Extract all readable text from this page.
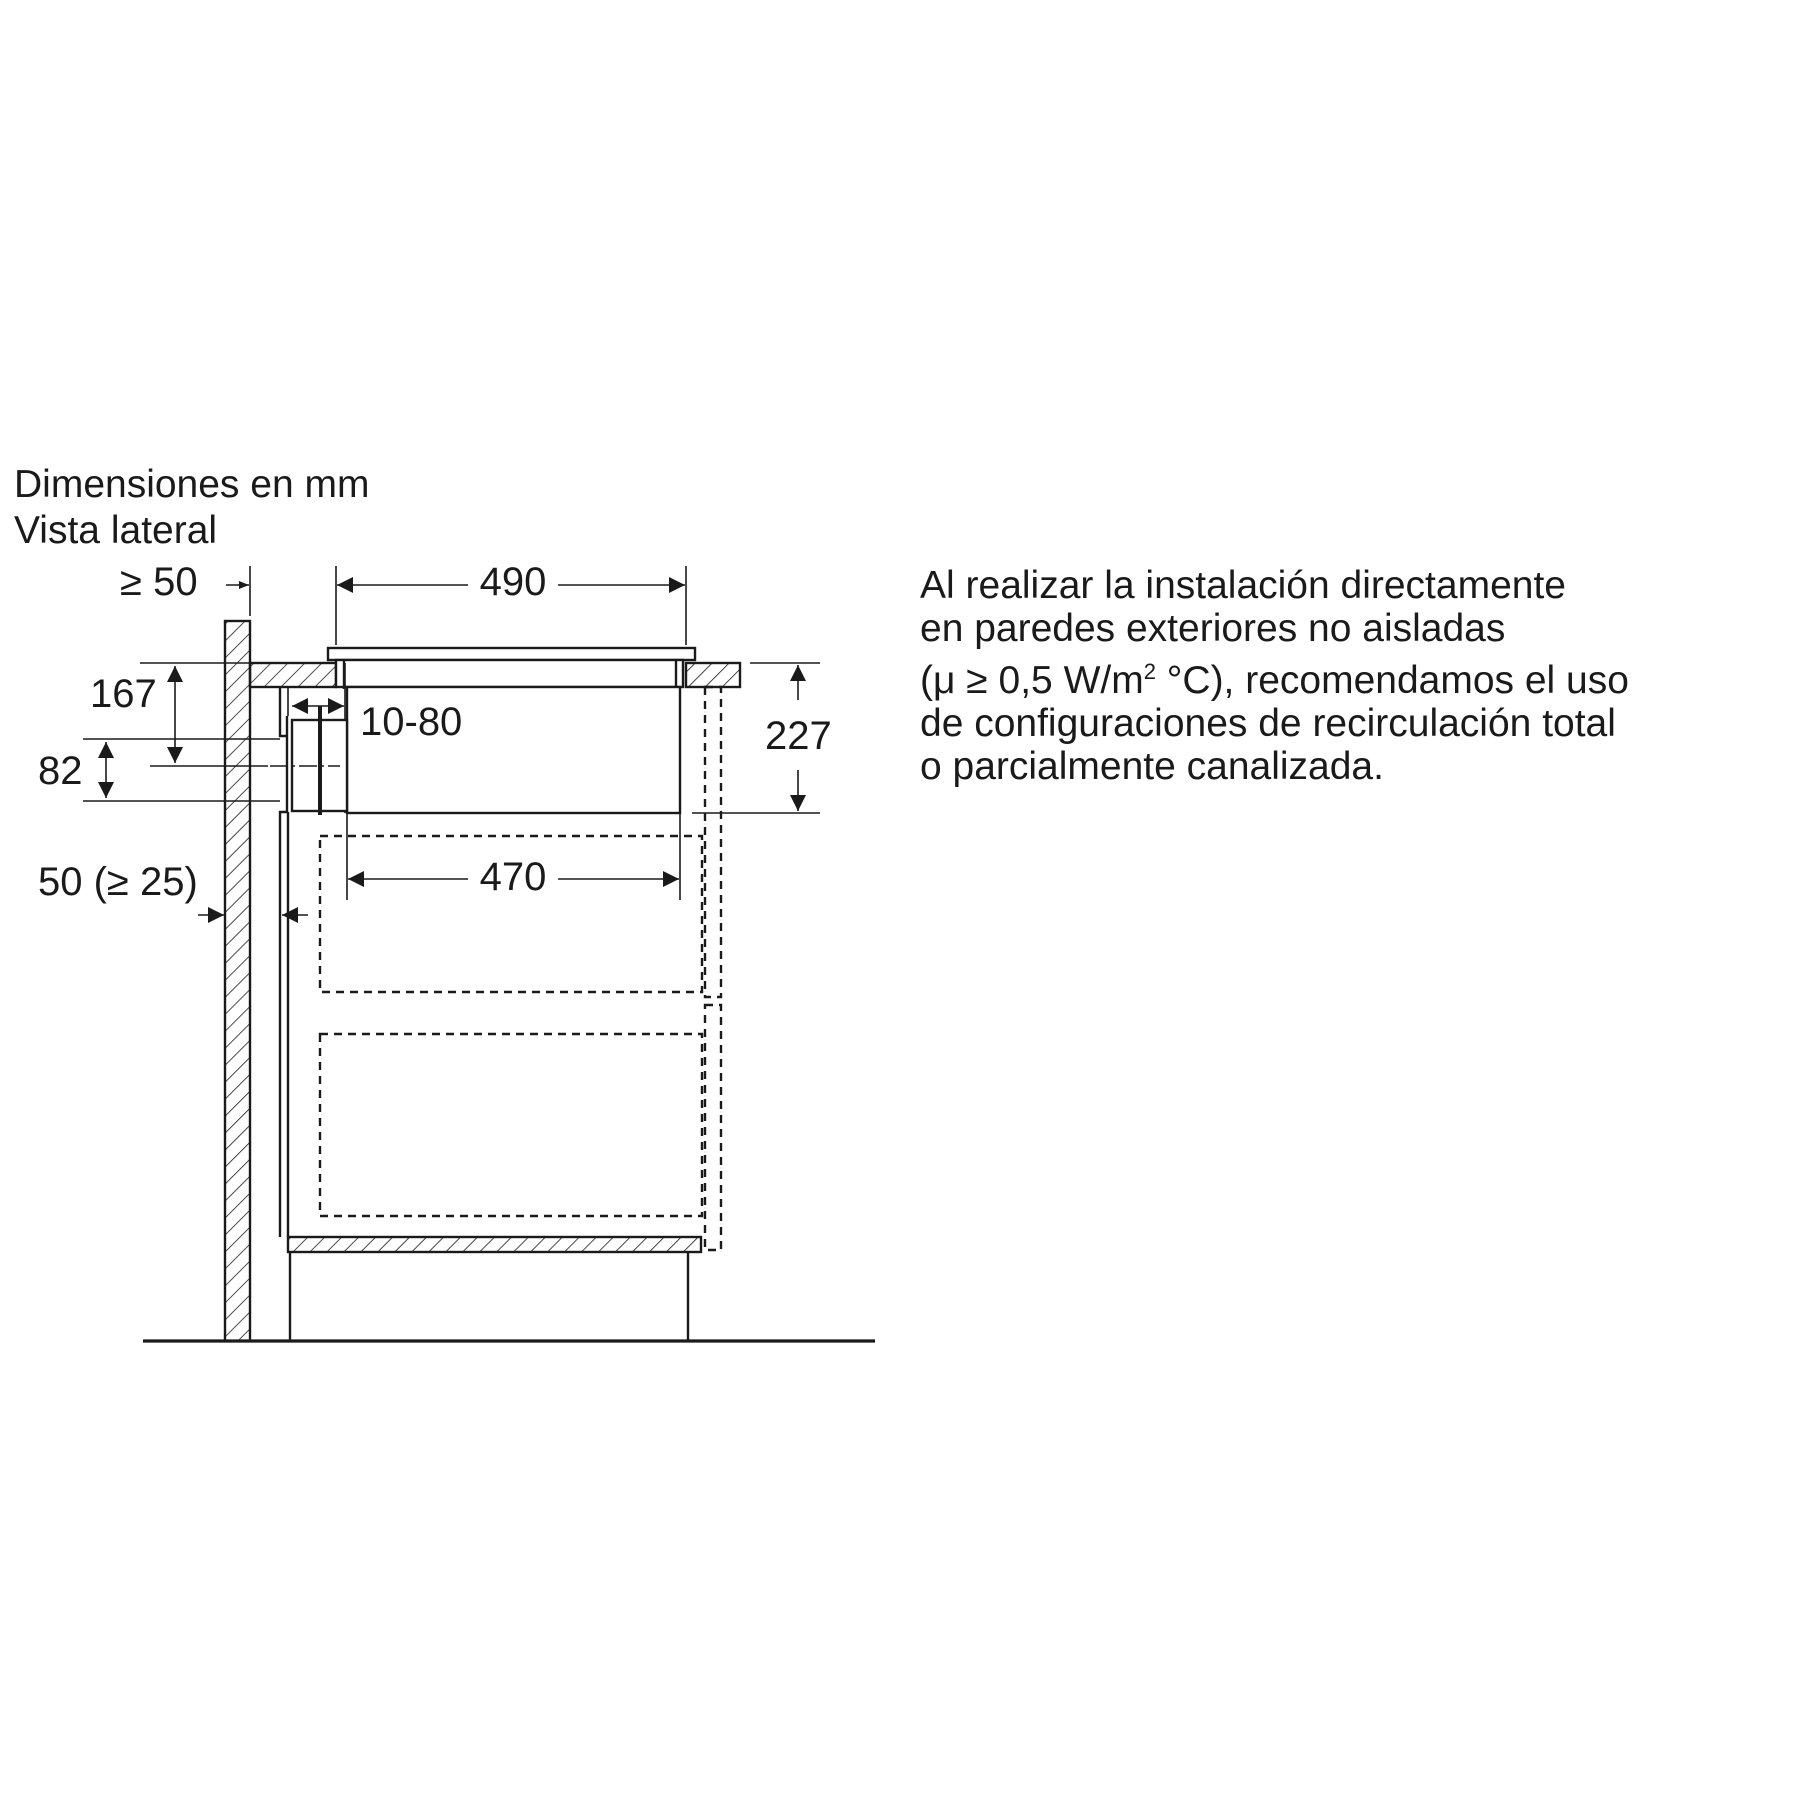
Dimensiones en mm
Vista lateral
Al realizar la instalación directamente
en paredes exteriores no aisladas
(μ ≥ 0,5 $W/m^2$ °C), recomendamos el uso
de configuraciones de recirculación total
o parcialmente canalizada.
≥ 50	490
167
10-80
82
227
470
50 (≥ 25)
